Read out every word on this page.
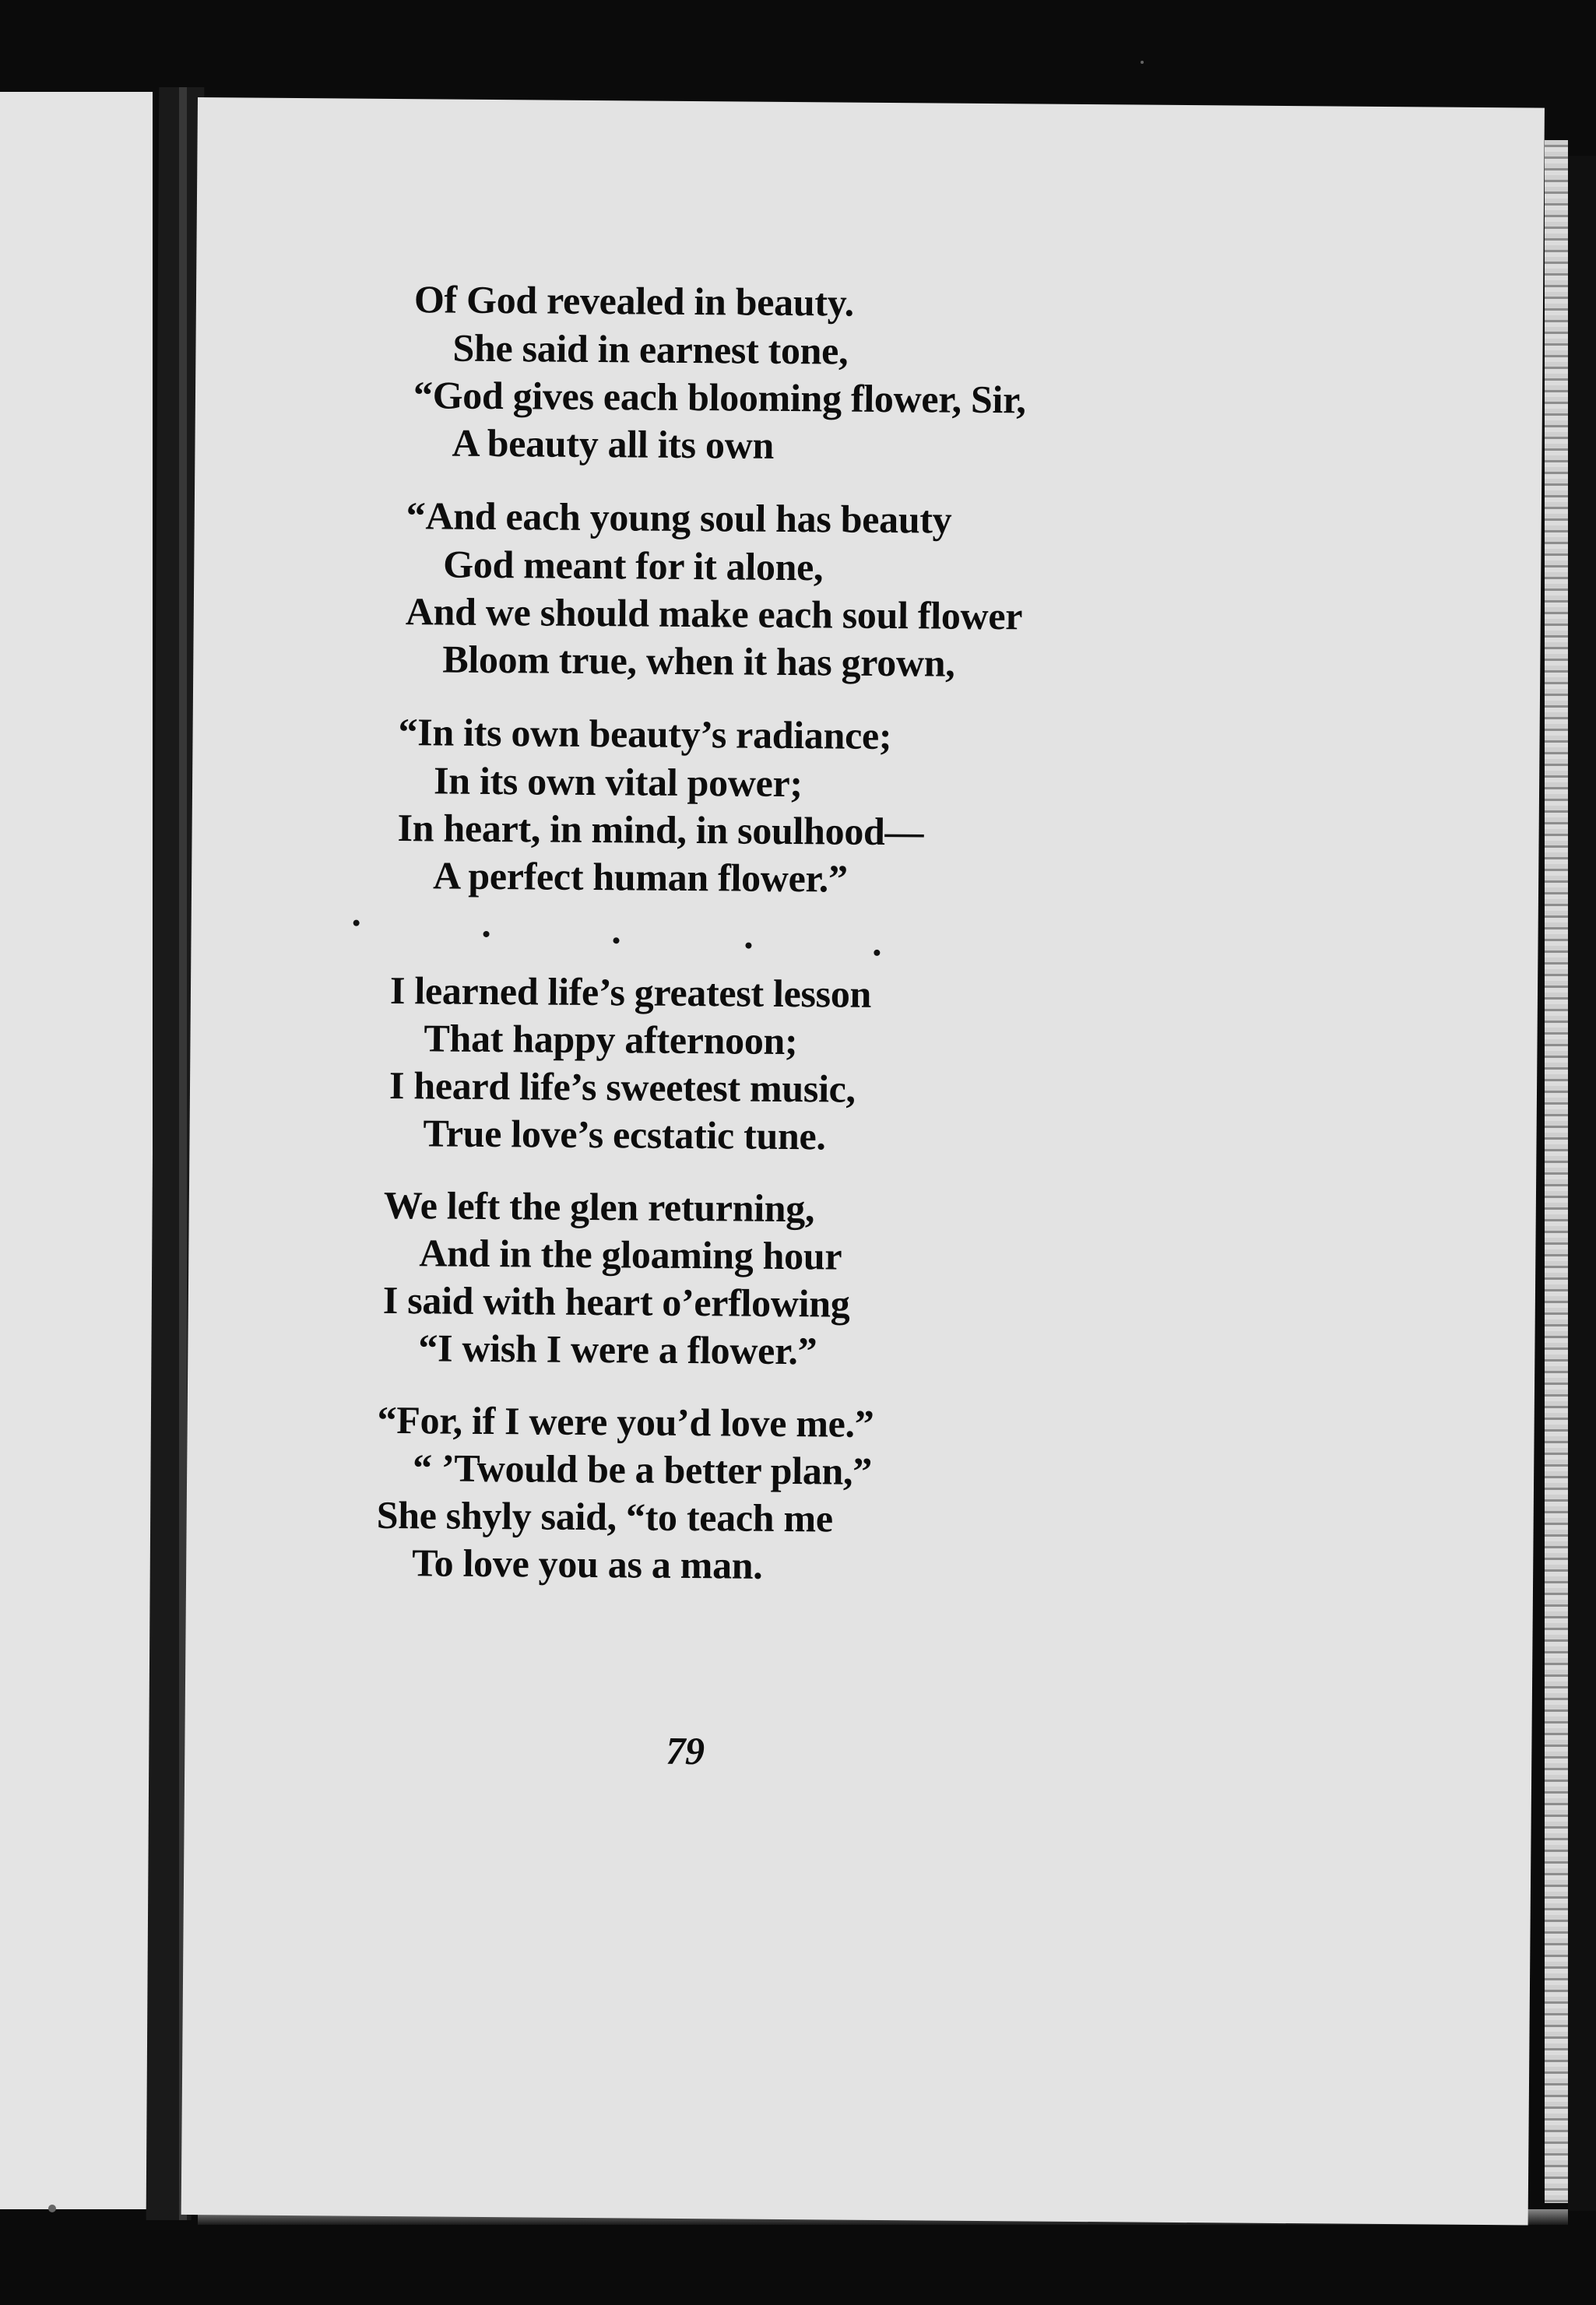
Of God revealed in beauty.
She said in earnest tone,
“God gives each blooming flower, Sir,
A beauty all its own
“And each young soul has beauty
God meant for it alone,
And we should make each soul flower
Bloom true, when it has grown,
“In its own beauty’s radiance;
In its own vital power;
In heart, in mind, in soulhood—
A perfect human flower.”
I learned life’s greatest lesson
That happy afternoon;
I heard life’s sweetest music,
True love’s ecstatic tune.
We left the glen returning,
And in the gloaming hour
I said with heart o’erflowing
“I wish I were a flower.”
“For, if I were you’d love me.”
“ ’Twould be a better plan,”
She shyly said, “to teach me
To love you as a man.
79
